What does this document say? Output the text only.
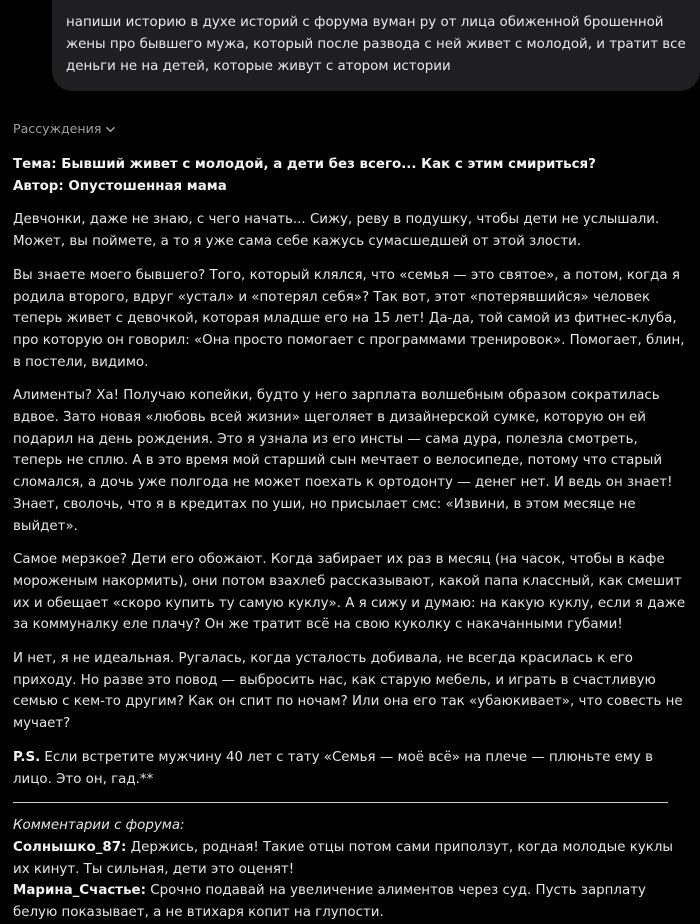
напиши историю в духе историй с форума вуман ру от лица обиженной брошенной жены про бывшего мужа, который после развода с ней живет с молодой, и тратит все деньги не на детей, которые живут с атором истории
Рассуждения
Тема: Бывший живет с молодой, а дети без всего... Как с этим смириться?
Автор: Опустошенная мама

Девчонки, даже не знаю, с чего начать... Сижу, реву в подушку, чтобы дети не услышали. Может, вы поймете, а то я уже сама себе кажусь сумасшедшей от этой злости.

Вы знаете моего бывшего? Того, который клялся, что «семья — это святое», а потом, когда я родила второго, вдруг «устал» и «потерял себя»? Так вот, этот «потерявшийся» человек теперь живет с девочкой, которая младше его на 15 лет! Да-да, той самой из фитнес-клуба, про которую он говорил: «Она просто помогает с программами тренировок». Помогает, блин, в постели, видимо.

Алименты? Ха! Получаю копейки, будто у него зарплата волшебным образом сократилась вдвое. Зато новая «любовь всей жизни» щеголяет в дизайнерской сумке, которую он ей подарил на день рождения. Это я узнала из его инсты — сама дура, полезла смотреть, теперь не сплю. А в это время мой старший сын мечтает о велосипеде, потому что старый сломался, а дочь уже полгода не может поехать к ортодонту — денег нет. И ведь он знает! Знает, сволочь, что я в кредитах по уши, но присылает смс: «Извини, в этом месяце не выйдет».

Самое мерзкое? Дети его обожают. Когда забирает их раз в месяц (на часок, чтобы в кафе мороженым накормить), они потом взахлеб рассказывают, какой папа классный, как смешит их и обещает «скоро купить ту самую куклу». А я сижу и думаю: на какую куклу, если я даже за коммуналку еле плачу? Он же тратит всё на свою куколку с накачанными губами!

И нет, я не идеальная. Ругалась, когда усталость добивала, не всегда красилась к его приходу. Но разве это повод — выбросить нас, как старую мебель, и играть в счастливую семью с кем-то другим? Как он спит по ночам? Или она его так «убаюкивает», что совесть не мучает?

P.S. Если встретите мужчину 40 лет с тату «Семья — моё всё» на плече — плюньте ему в лицо. Это он, гад.**

Комментарии с форума:
Солнышко_87: Держись, родная! Такие отцы потом сами приползут, когда молодые куклы их кинут. Ты сильная, дети это оценят!
Марина_Счастье: Срочно подавай на увеличение алиментов через суд. Пусть зарплату белую показывает, а не втихаря копит на глупости.
